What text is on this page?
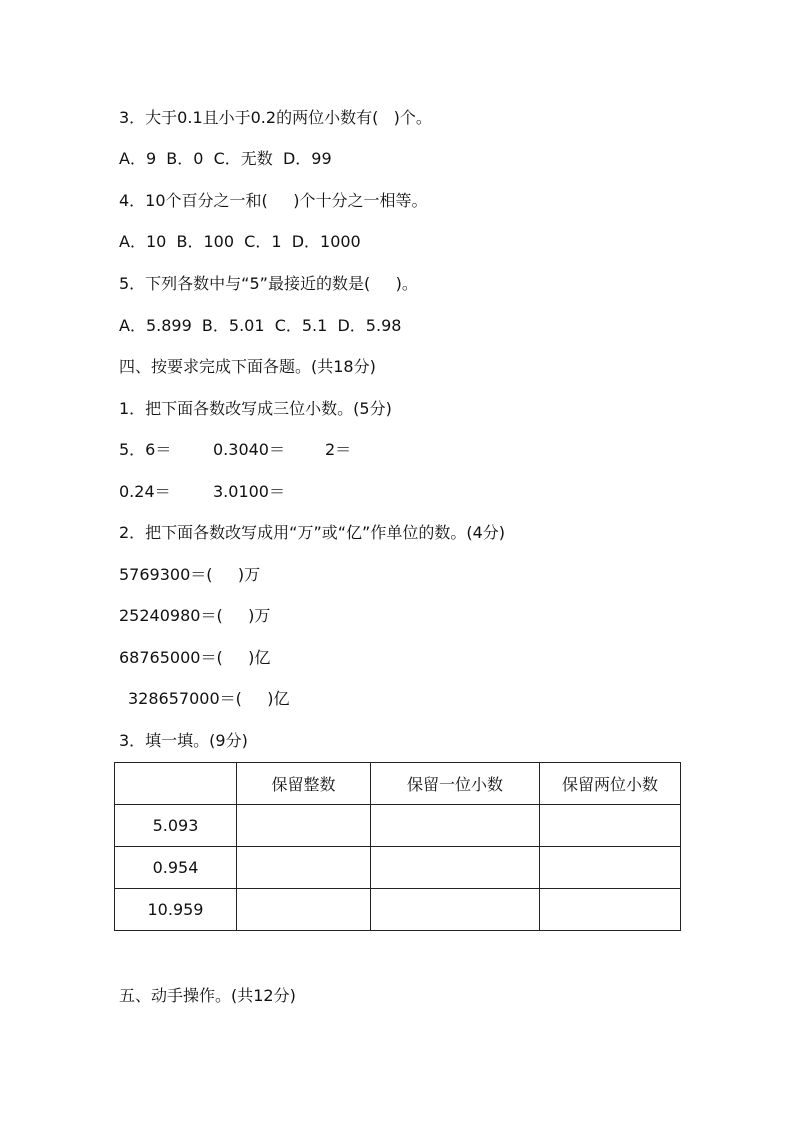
3．大于0.1且小于0.2的两位小数有(   )个。
A．9  B．0  C．无数  D．99
4．10个百分之一和(     )个十分之一相等。
A．10  B．100  C．1  D．1000
5．下列各数中与“5”最接近的数是(     )。
A．5.899  B．5.01  C．5.1  D．5.98
四、按要求完成下面各题。(共18分)
1．把下面各数改写成三位小数。(5分)
5．6＝	0.3040＝	2＝
0.24＝	3.0100＝
2．把下面各数改写成用“万”或“亿”作单位的数。(4分)
5769300＝(     )万
25240980＝(     )万
68765000＝(     )亿
328657000＝(     )亿
3．填一填。(9分)
	保留整数	保留一位小数	保留两位小数
5.093			
0.954			
10.959			
五、动手操作。(共12分)
